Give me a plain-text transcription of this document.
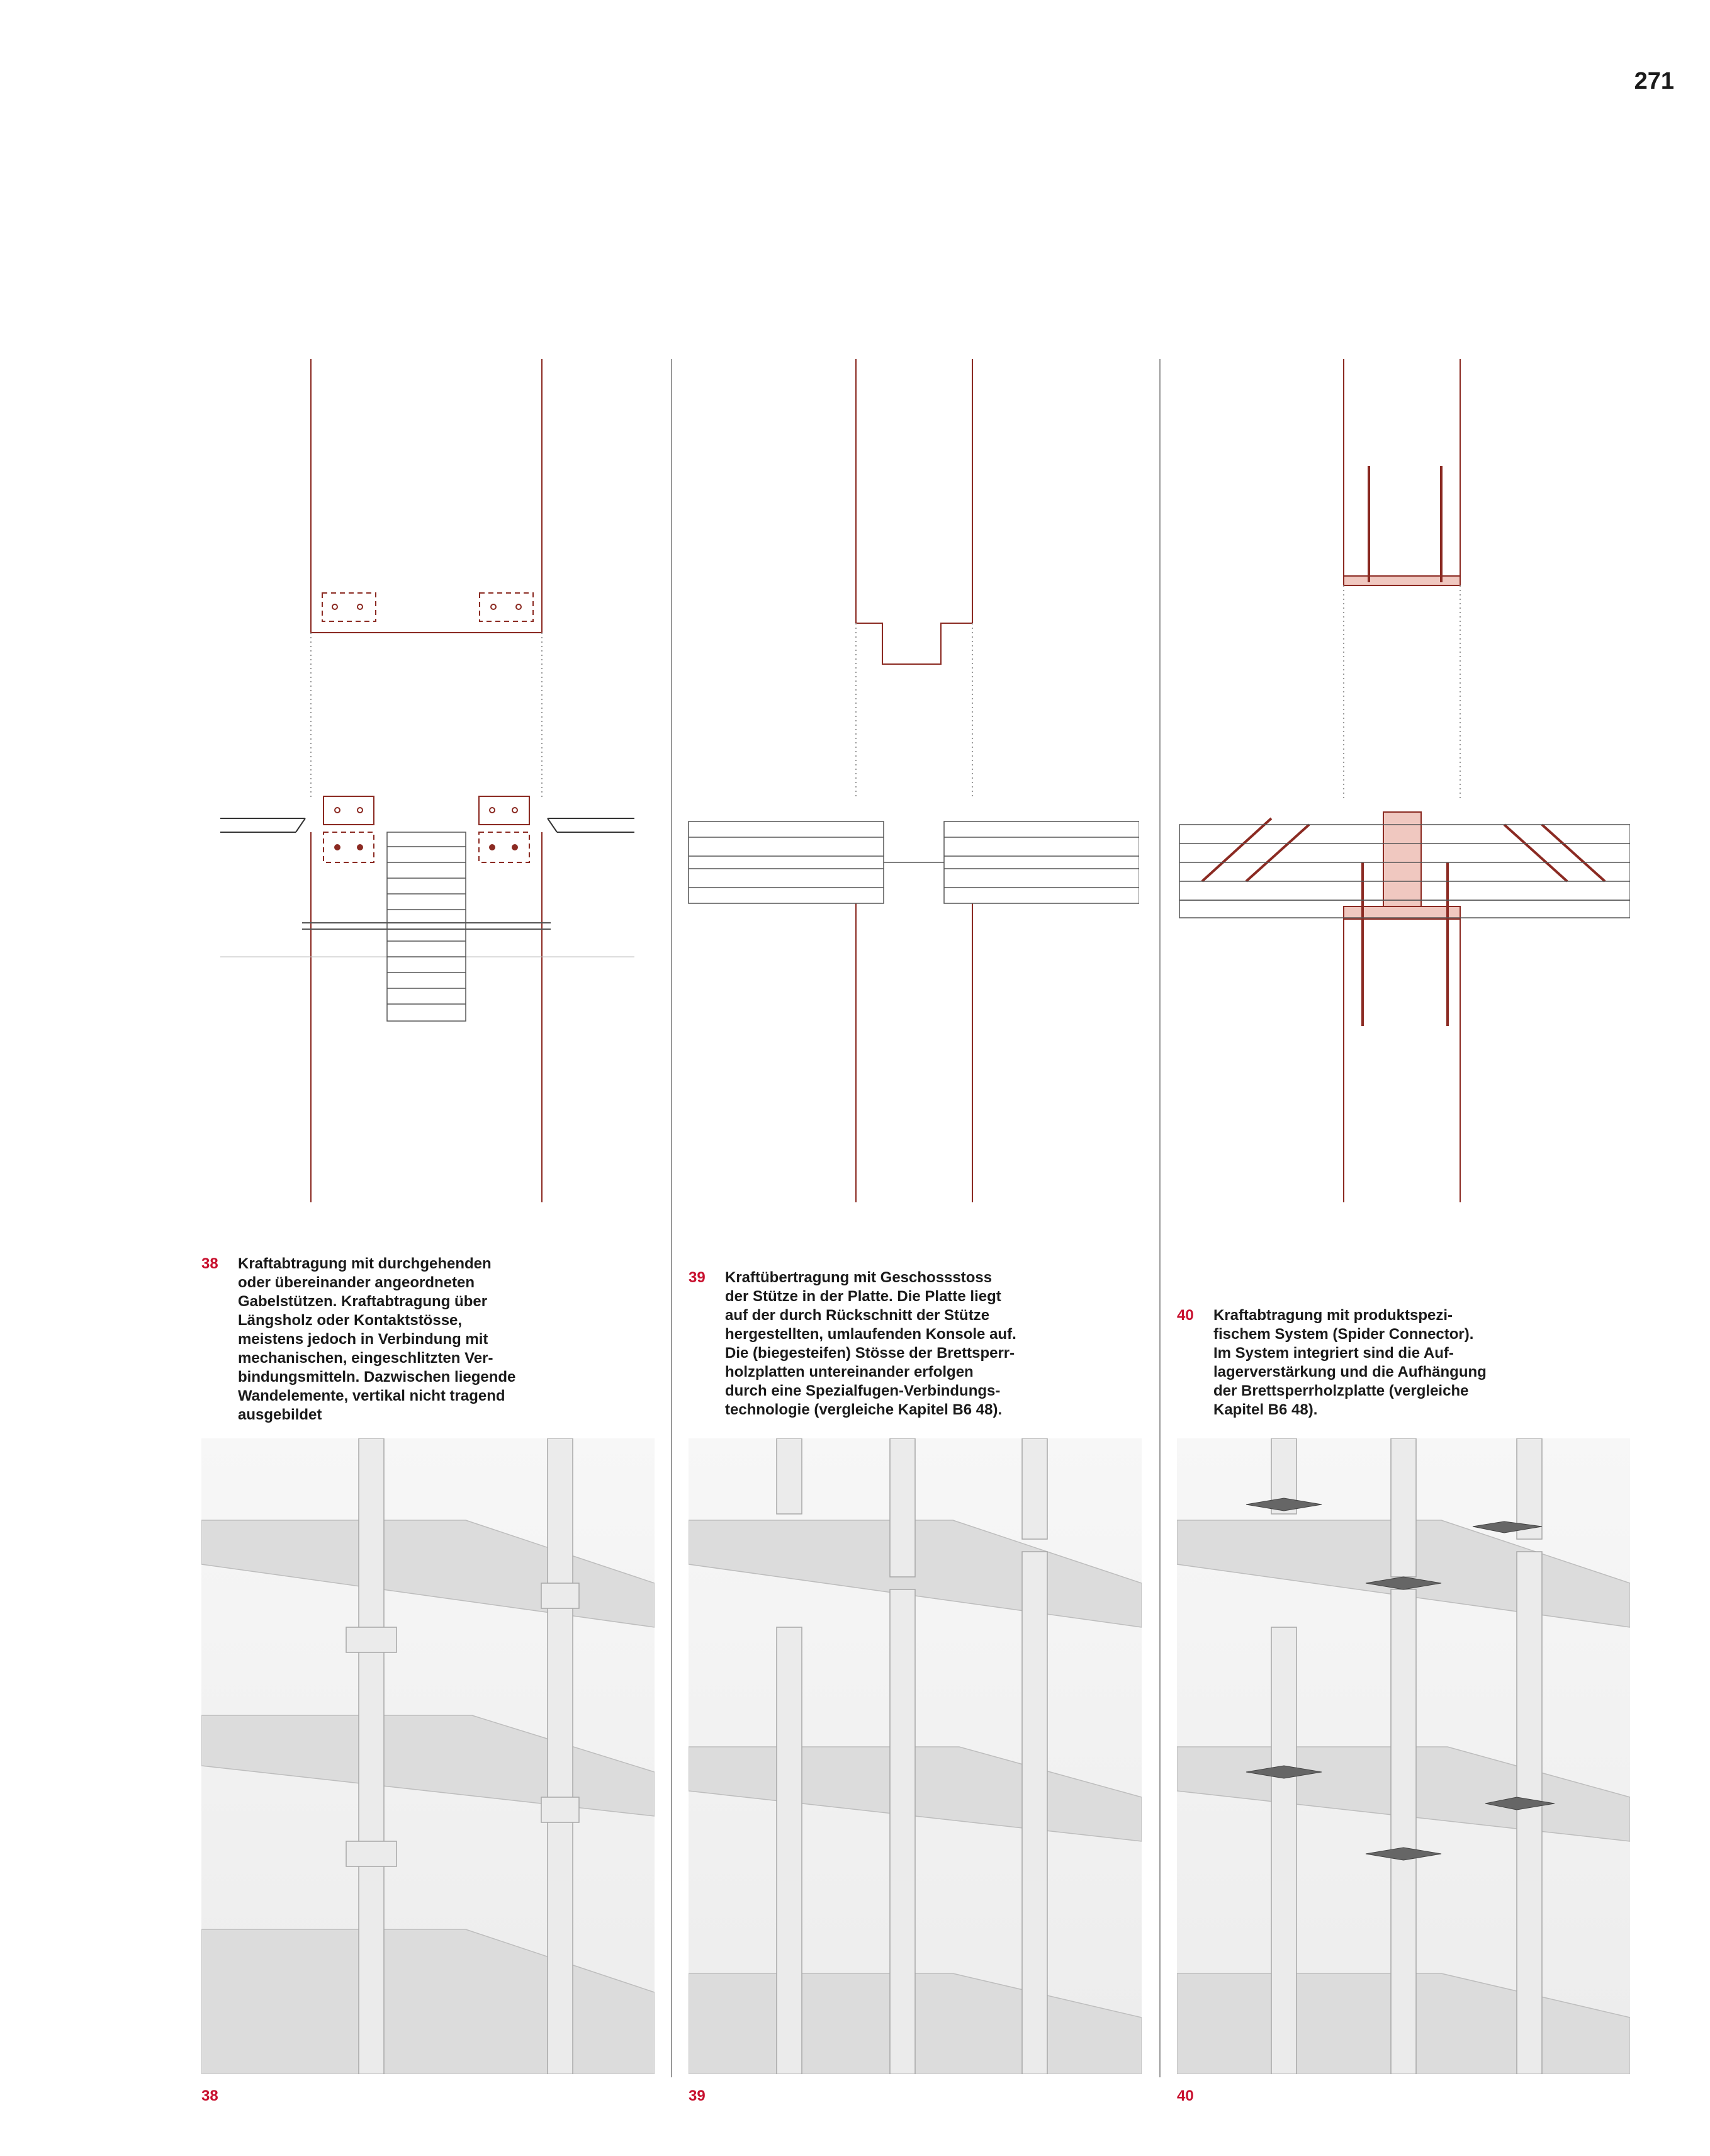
271
38 Kraftabtragung mit durchgehenden
oder übereinander angeordneten
Gabelstützen. Kraftabtragung über
Längsholz oder Kontaktstösse,
meistens jedoch in Verbindung mit
mechanischen, eingeschlitzten Ver-
bindungsmitteln. Dazwischen liegende
Wandelemente, vertikal nicht tragend
ausgebildet
39 Kraftübertragung mit Geschossstoss
der Stütze in der Platte. Die Platte liegt
auf der durch Rückschnitt der Stütze
hergestellten, umlaufenden Konsole auf.
Die (biegesteifen) Stösse der Brettsperr-
holzplatten untereinander erfolgen
durch eine Spezialfugen-Verbindungs-
technologie (vergleiche Kapitel B6 48).
40 Kraftabtragung mit produktspezi-
fischem System (Spider Connector).
Im System integriert sind die Auf-
lagerverstärkung und die Aufhängung
der Brettsperrholzplatte (vergleiche
Kapitel B6 48).
38	39	40
